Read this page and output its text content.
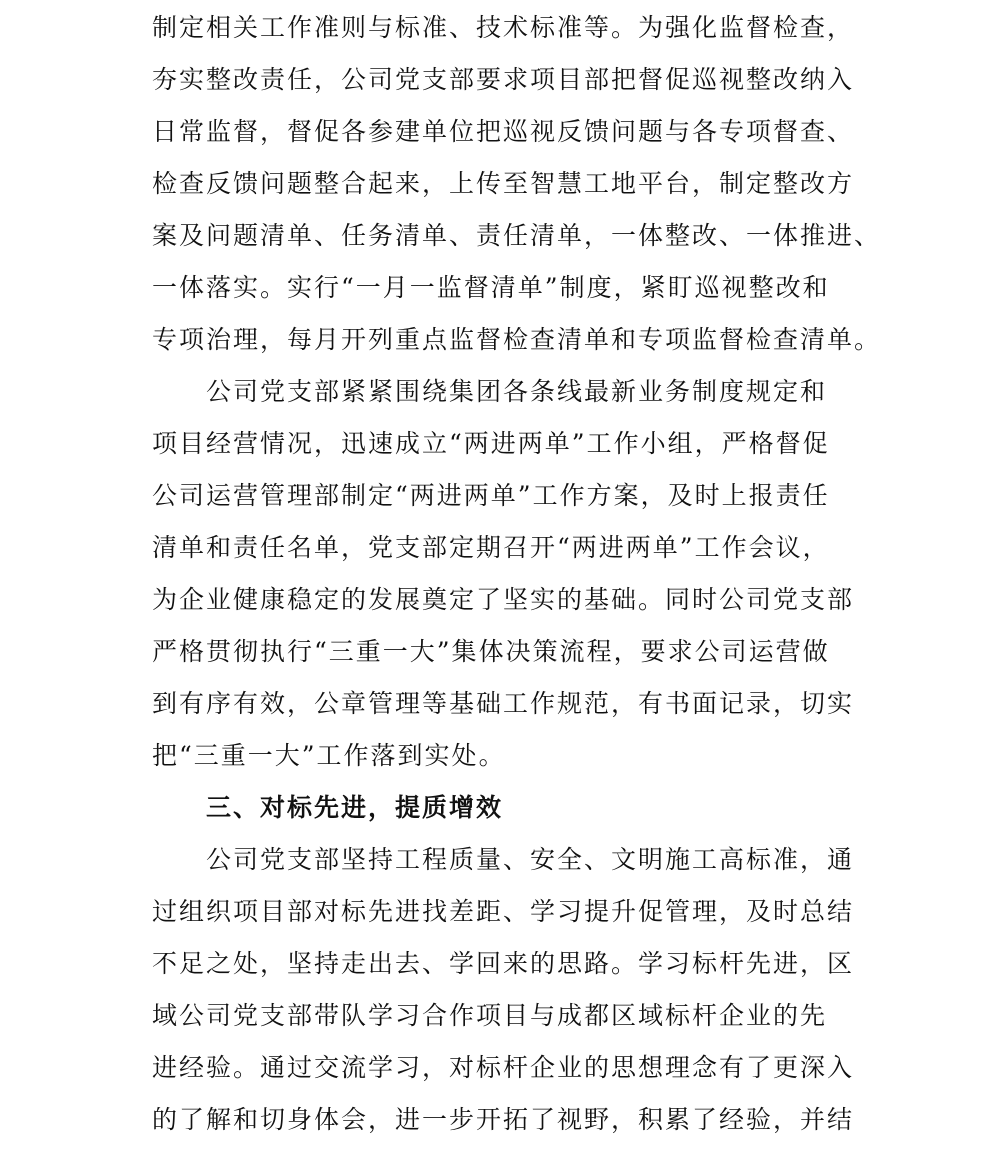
制定相关工作准则与标准、技术标准等。为强化监督检查，
夯实整改责任，公司党支部要求项目部把督促巡视整改纳入
日常监督，督促各参建单位把巡视反馈问题与各专项督查、
检查反馈问题整合起来，上传至智慧工地平台，制定整改方
案及问题清单、任务清单、责任清单，一体整改、一体推进、
一体落实。实行“一月一监督清单”制度，紧盯巡视整改和
专项治理，每月开列重点监督检查清单和专项监督检查清单。
公司党支部紧紧围绕集团各条线最新业务制度规定和
项目经营情况，迅速成立“两进两单”工作小组，严格督促
公司运营管理部制定“两进两单”工作方案，及时上报责任
清单和责任名单，党支部定期召开“两进两单”工作会议，
为企业健康稳定的发展奠定了坚实的基础。同时公司党支部
严格贯彻执行“三重一大”集体决策流程，要求公司运营做
到有序有效，公章管理等基础工作规范，有书面记录，切实
把“三重一大”工作落到实处。
三、对标先进，提质增效
公司党支部坚持工程质量、安全、文明施工高标准，通
过组织项目部对标先进找差距、学习提升促管理，及时总结
不足之处，坚持走出去、学回来的思路。学习标杆先进，区
域公司党支部带队学习合作项目与成都区域标杆企业的先
进经验。通过交流学习，对标杆企业的思想理念有了更深入
的了解和切身体会，进一步开拓了视野，积累了经验，并结
